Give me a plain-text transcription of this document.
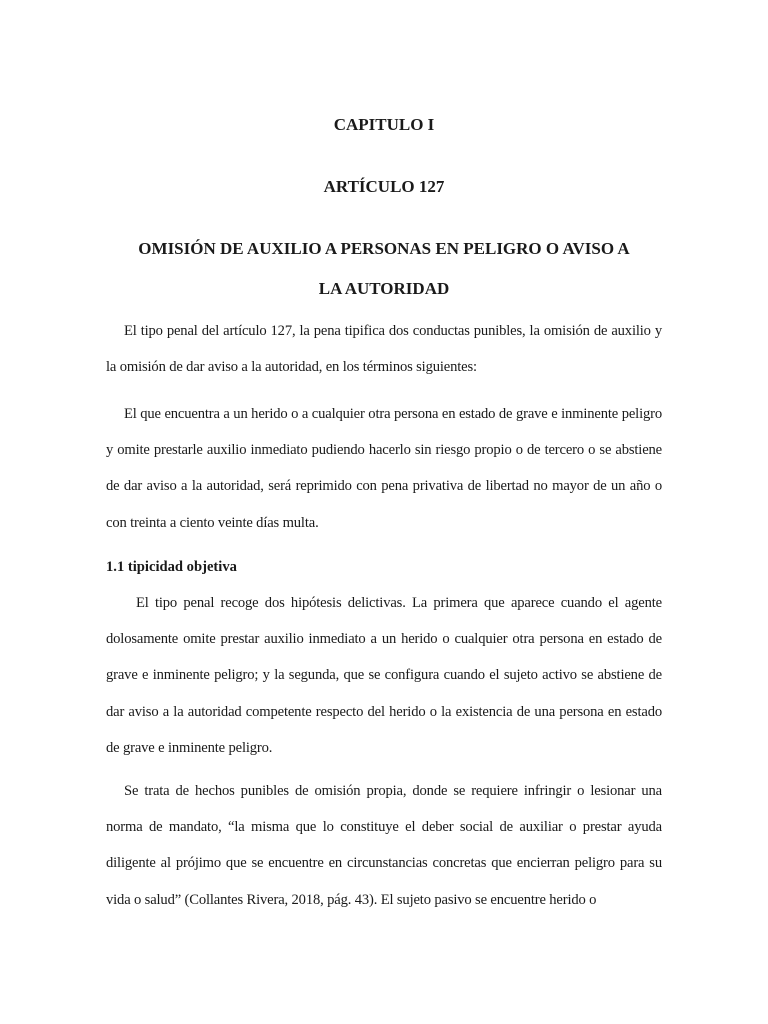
CAPITULO I
ARTÍCULO 127
OMISIÓN DE AUXILIO A PERSONAS EN PELIGRO O AVISO A
LA AUTORIDAD

El tipo penal del artículo 127, la pena tipifica dos conductas punibles, la omisión de auxilio y la omisión de dar aviso a la autoridad, en los términos siguientes:

El que encuentra a un herido o a cualquier otra persona en estado de grave e inminente peligro y omite prestarle auxilio inmediato pudiendo hacerlo sin riesgo propio o de tercero o se abstiene de dar aviso a la autoridad, será reprimido con pena privativa de libertad no mayor de un año o con treinta a ciento veinte días multa.

1.1 tipicidad objetiva

El tipo penal recoge dos hipótesis delictivas. La primera que aparece cuando el agente dolosamente omite prestar auxilio inmediato a un herido o cualquier otra persona en estado de grave e inminente peligro; y la segunda, que se configura cuando el sujeto activo se abstiene de dar aviso a la autoridad competente respecto del herido o la existencia de una persona en estado de grave e inminente peligro.

Se trata de hechos punibles de omisión propia, donde se requiere infringir o lesionar una norma de mandato, “la misma que lo constituye el deber social de auxiliar o prestar ayuda diligente al prójimo que se encuentre en circunstancias concretas que encierran peligro para su vida o salud” (Collantes Rivera, 2018, pág. 43). El sujeto pasivo se encuentre herido o
